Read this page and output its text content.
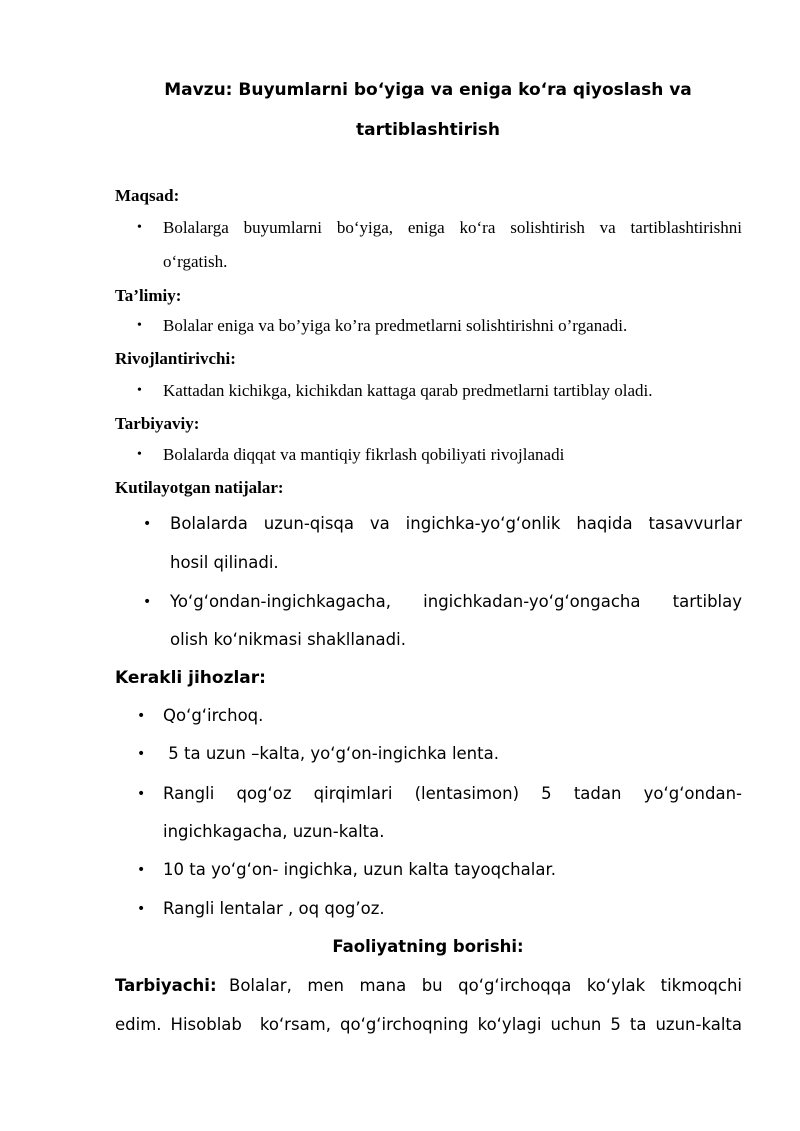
Mavzu: Buyumlarni bo‘yiga va eniga ko‘ra qiyoslash va
tartiblashtirish
Maqsad:
• Bolalarga buyumlarni bo‘yiga, eniga ko‘ra solishtirish va tartiblashtirishni
o‘rgatish.
Ta’limiy:
• Bolalar eniga va bo’yiga ko’ra predmetlarni solishtirishni o’rganadi.
Rivojlantirivchi:
• Kattadan kichikga, kichikdan kattaga qarab predmetlarni tartiblay oladi.
Tarbiyaviy:
• Bolalarda diqqat va mantiqiy fikrlash qobiliyati rivojlanadi
Kutilayotgan natijalar:
• Bolalarda uzun-qisqa va ingichka-yo‘g‘onlik haqida tasavvurlar
hosil qilinadi.
• Yo‘g‘ondan-ingichkagacha, ingichkadan-yo‘g‘ongacha tartiblay
olish ko‘nikmasi shakllanadi.
Kerakli jihozlar:
• Qo‘g‘irchoq.
• 5 ta uzun –kalta, yo‘g‘on-ingichka lenta.
• Rangli qog‘oz qirqimlari (lentasimon) 5 tadan yo‘g‘ondan-
ingichkagacha, uzun-kalta.
• 10 ta yo‘g‘on- ingichka, uzun kalta tayoqchalar.
• Rangli lentalar , oq qog’oz.
Faoliyatning borishi:
Tarbiyachi: Bolalar, men mana bu qo‘g‘irchoqqa ko‘ylak tikmoqchi
edim. Hisoblab  ko‘rsam, qo‘g‘irchoqning ko‘ylagi uchun 5 ta uzun-kalta
